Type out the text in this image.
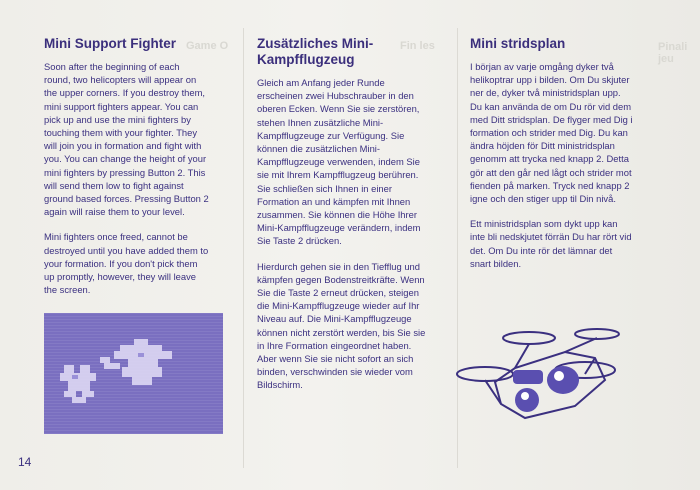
Game O	Fin les	Pinali jeu
Mini Support Fighter

Soon after the beginning of each
round, two helicopters will appear on
the upper corners. If you destroy them,
mini support fighters appear. You can
pick up and use the mini fighters by
touching them with your fighter. They
will join you in formation and fight with
you. You can change the height of your
mini fighters by pressing Button 2. This
will send them low to fight against
ground based forces. Pressing Button 2
again will raise them to your level.

Mini fighters once freed, cannot be
destroyed until you have added them to
your formation. If you don't pick them
up promptly, however, they will leave
the screen.

Zusätzliches Mini-
Kampfflugzeug

Gleich am Anfang jeder Runde
erscheinen zwei Hubschrauber in den
oberen Ecken. Wenn Sie sie zerstören,
stehen Ihnen zusätzliche Mini-
Kampfflugzeuge zur Verfügung. Sie
können die zusätzlichen Mini-
Kampfflugzeuge verwenden, indem Sie
sie mit Ihrem Kampfflugzeug berühren.
Sie schließen sich Ihnen in einer
Formation an und kämpfen mit Ihnen
zusammen. Sie können die Höhe Ihrer
Mini-Kampfflugzeuge verändern, indem
Sie Taste 2 drücken.

Hierdurch gehen sie in den Tiefflug und
kämpfen gegen Bodenstreitkräfte. Wenn
Sie die Taste 2 erneut drücken, steigen
die Mini-Kampfflugzeuge wieder auf Ihr
Niveau auf. Die Mini-Kampfflugzeuge
können nicht zerstört werden, bis Sie sie
in Ihre Formation eingeordnet haben.
Aber wenn Sie sie nicht sofort an sich
binden, verschwinden sie wieder vom
Bildschirm.

Mini stridsplan

I början av varje omgång dyker två
helikoptrar upp i bilden. Om Du skjuter
ner de, dyker två ministridsplan upp.
Du kan använda de om Du rör vid dem
med Ditt stridsplan. De flyger med Dig i
formation och strider med Dig. Du kan
ändra höjden för Ditt ministridsplan
genomm att trycka ned knapp 2. Detta
gör att den går ned lågt och strider mot
fienden på marken. Tryck ned knapp 2
igne och den stiger upp til Din nivå.

Ett ministridsplan som dykt upp kan
inte bli nedskjutet förrän Du har rört vid
det. Om Du inte rör det lämnar det
snart bilden.

14
